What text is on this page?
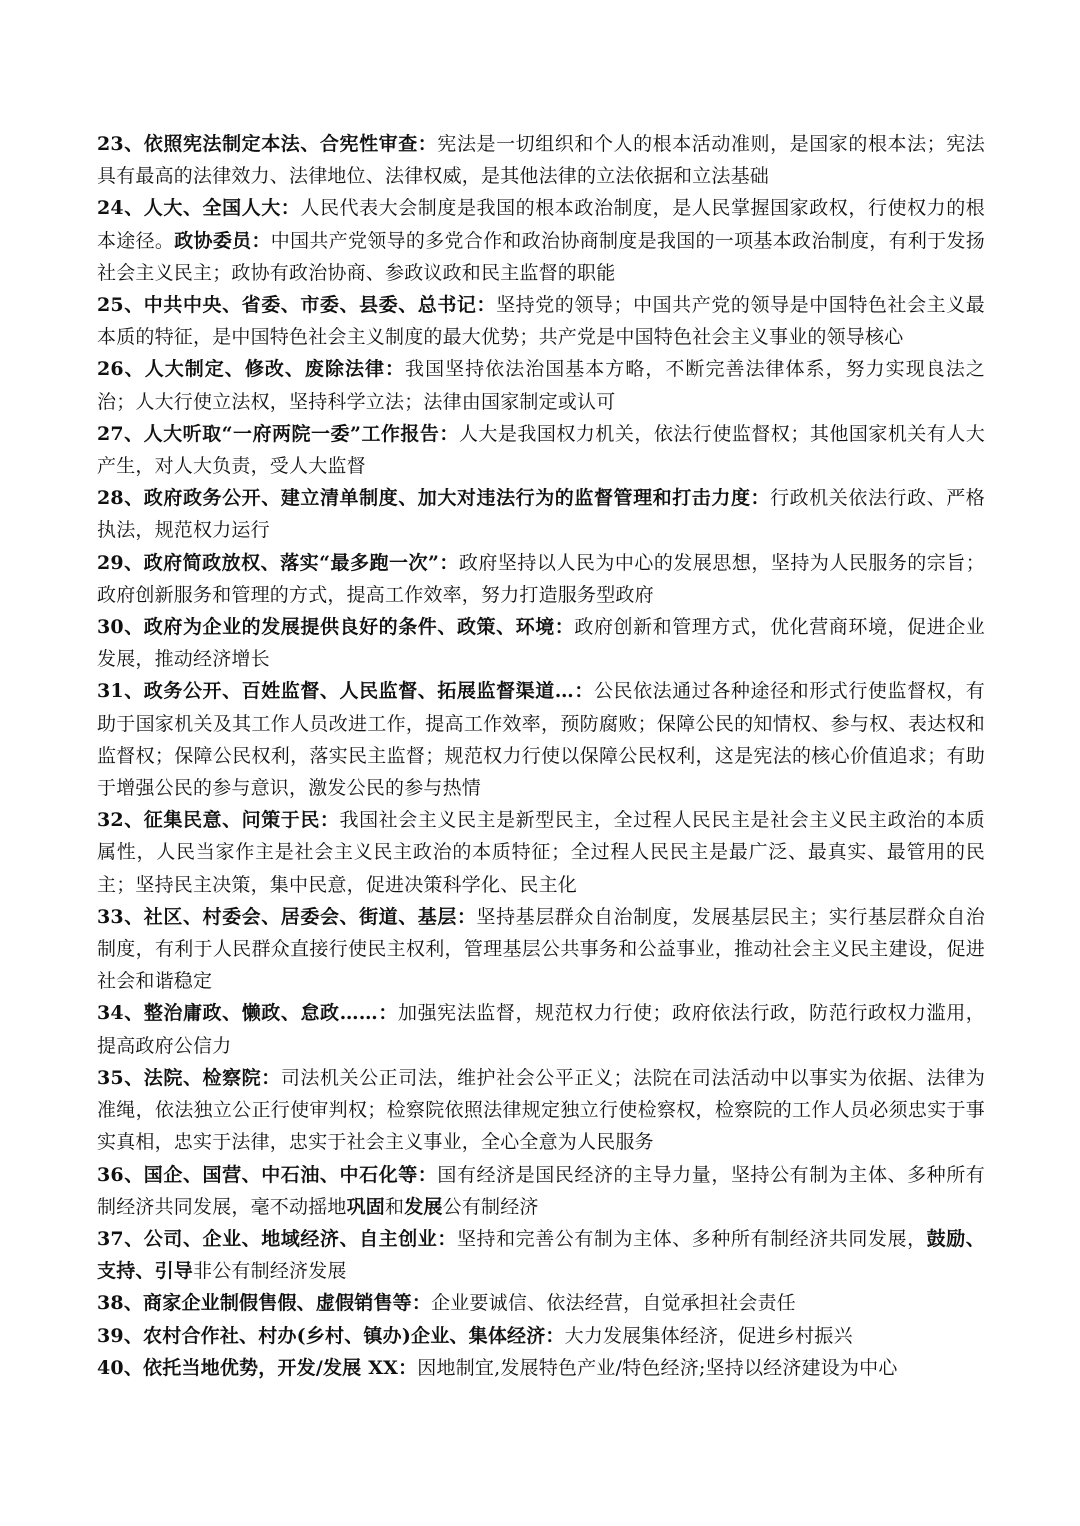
23、依照宪法制定本法、合宪性审查：宪法是一切组织和个人的根本活动准则，是国家的根本法；宪法具有最高的法律效力、法律地位、法律权威，是其他法律的立法依据和立法基础

24、人大、全国人大：人民代表大会制度是我国的根本政治制度，是人民掌握国家政权，行使权力的根本途径。政协委员：中国共产党领导的多党合作和政治协商制度是我国的一项基本政治制度，有利于发扬社会主义民主；政协有政治协商、参政议政和民主监督的职能

25、中共中央、省委、市委、县委、总书记：坚持党的领导；中国共产党的领导是中国特色社会主义最本质的特征，是中国特色社会主义制度的最大优势；共产党是中国特色社会主义事业的领导核心

26、人大制定、修改、废除法律：我国坚持依法治国基本方略，不断完善法律体系，努力实现良法之治；人大行使立法权，坚持科学立法；法律由国家制定或认可

27、人大听取“一府两院一委”工作报告：人大是我国权力机关，依法行使监督权；其他国家机关有人大产生，对人大负责，受人大监督

28、政府政务公开、建立清单制度、加大对违法行为的监督管理和打击力度：行政机关依法行政、严格执法，规范权力运行

29、政府简政放权、落实“最多跑一次”：政府坚持以人民为中心的发展思想，坚持为人民服务的宗旨；政府创新服务和管理的方式，提高工作效率，努力打造服务型政府

30、政府为企业的发展提供良好的条件、政策、环境：政府创新和管理方式，优化营商环境，促进企业发展，推动经济增长

31、政务公开、百姓监督、人民监督、拓展监督渠道…：公民依法通过各种途径和形式行使监督权，有助于国家机关及其工作人员改进工作，提高工作效率，预防腐败；保障公民的知情权、参与权、表达权和监督权；保障公民权利，落实民主监督；规范权力行使以保障公民权利，这是宪法的核心价值追求；有助于增强公民的参与意识，激发公民的参与热情

32、征集民意、问策于民：我国社会主义民主是新型民主，全过程人民民主是社会主义民主政治的本质属性，人民当家作主是社会主义民主政治的本质特征；全过程人民民主是最广泛、最真实、最管用的民主；坚持民主决策，集中民意，促进决策科学化、民主化

33、社区、村委会、居委会、街道、基层：坚持基层群众自治制度，发展基层民主；实行基层群众自治制度，有利于人民群众直接行使民主权利，管理基层公共事务和公益事业，推动社会主义民主建设，促进社会和谐稳定

34、整治庸政、懒政、怠政……：加强宪法监督，规范权力行使；政府依法行政，防范行政权力滥用，提高政府公信力

35、法院、检察院：司法机关公正司法，维护社会公平正义；法院在司法活动中以事实为依据、法律为准绳，依法独立公正行使审判权；检察院依照法律规定独立行使检察权，检察院的工作人员必须忠实于事实真相，忠实于法律，忠实于社会主义事业，全心全意为人民服务

36、国企、国营、中石油、中石化等：国有经济是国民经济的主导力量，坚持公有制为主体、多种所有制经济共同发展，毫不动摇地巩固和发展公有制经济

37、公司、企业、地域经济、自主创业：坚持和完善公有制为主体、多种所有制经济共同发展，鼓励、支持、引导非公有制经济发展

38、商家企业制假售假、虚假销售等：企业要诚信、依法经营，自觉承担社会责任

39、农村合作社、村办(乡村、镇办)企业、集体经济：大力发展集体经济，促进乡村振兴

40、依托当地优势，开发/发展 XX：因地制宜,发展特色产业/特色经济;坚持以经济建设为中心
